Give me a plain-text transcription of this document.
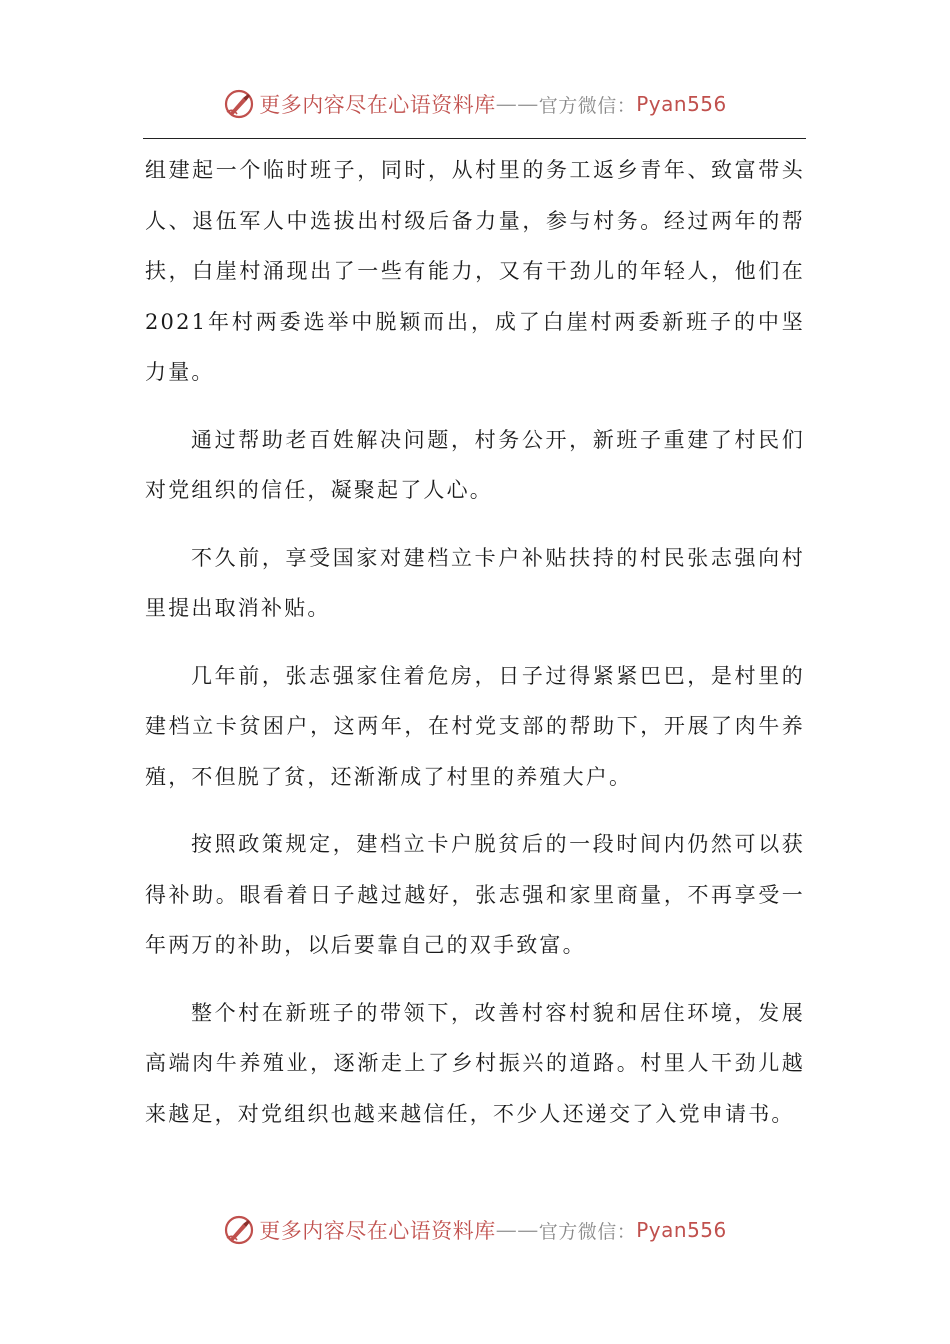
更多内容尽在心语资料库 —— 官方微信： Pyan556

组建起一个临时班子，同时，从村里的务工返乡青年、致富带头人、退伍军人中选拔出村级后备力量，参与村务。经过两年的帮扶，白崖村涌现出了一些有能力，又有干劲儿的年轻人，他们在2021年村两委选举中脱颖而出，成了白崖村两委新班子的中坚力量。

通过帮助老百姓解决问题，村务公开，新班子重建了村民们对党组织的信任，凝聚起了人心。

不久前，享受国家对建档立卡户补贴扶持的村民张志强向村里提出取消补贴。

几年前，张志强家住着危房，日子过得紧紧巴巴，是村里的建档立卡贫困户，这两年，在村党支部的帮助下，开展了肉牛养殖，不但脱了贫，还渐渐成了村里的养殖大户。

按照政策规定，建档立卡户脱贫后的一段时间内仍然可以获得补助。眼看着日子越过越好，张志强和家里商量，不再享受一年两万的补助，以后要靠自己的双手致富。

整个村在新班子的带领下，改善村容村貌和居住环境，发展高端肉牛养殖业，逐渐走上了乡村振兴的道路。村里人干劲儿越来越足，对党组织也越来越信任，不少人还递交了入党申请书。

更多内容尽在心语资料库 —— 官方微信： Pyan556
